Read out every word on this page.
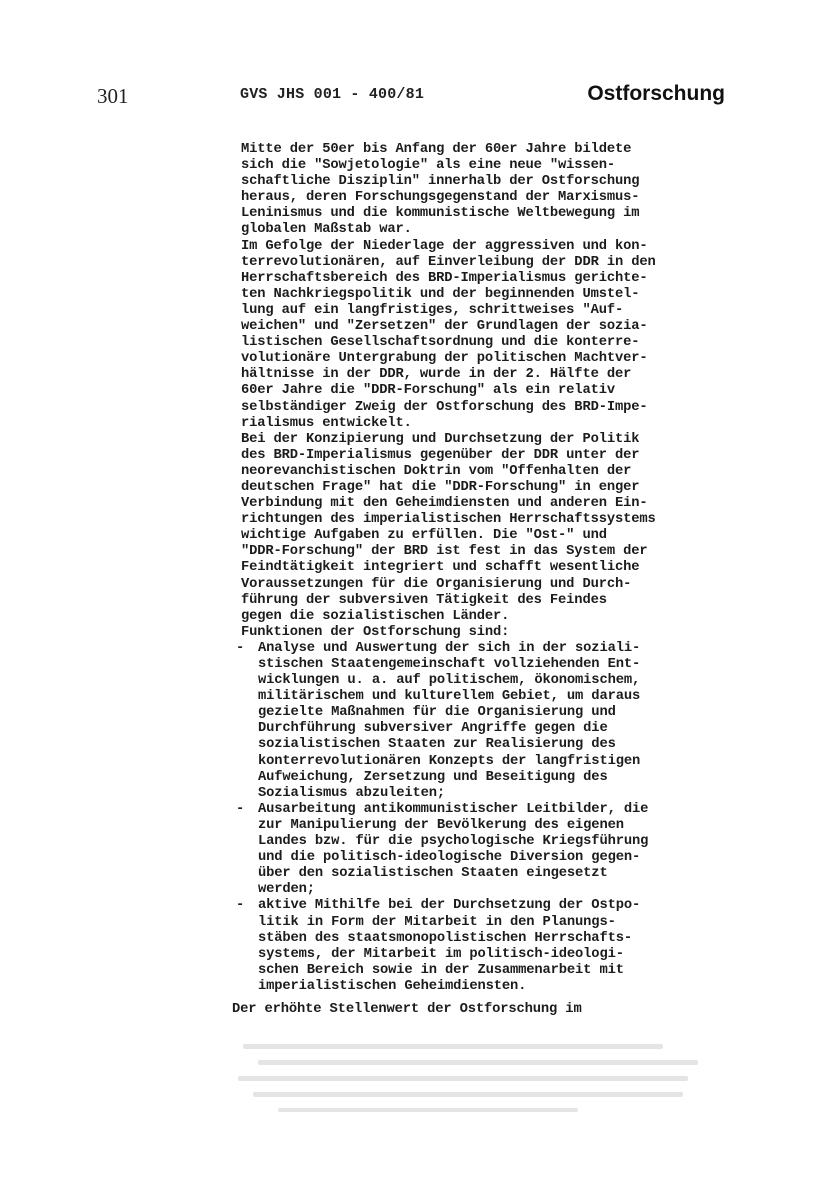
301	GVS JHS 001 - 400/81	Ostforschung
Mitte der 50er bis Anfang der 60er Jahre bildete
sich die "Sowjetologie" als eine neue "wissen-
schaftliche Disziplin" innerhalb der Ostforschung
heraus, deren Forschungsgegenstand der Marxismus-
Leninismus und die kommunistische Weltbewegung im
globalen Maßstab war.
Im Gefolge der Niederlage der aggressiven und kon-
terrevolutionären, auf Einverleibung der DDR in den
Herrschaftsbereich des BRD-Imperialismus gerichte-
ten Nachkriegspolitik und der beginnenden Umstel-
lung auf ein langfristiges, schrittweises "Auf-
weichen" und "Zersetzen" der Grundlagen der sozia-
listischen Gesellschaftsordnung und die konterre-
volutionäre Untergrabung der politischen Machtver-
hältnisse in der DDR, wurde in der 2. Hälfte der
60er Jahre die "DDR-Forschung" als ein relativ
selbständiger Zweig der Ostforschung des BRD-Impe-
rialismus entwickelt.
Bei der Konzipierung und Durchsetzung der Politik
des BRD-Imperialismus gegenüber der DDR unter der
neorevanchistischen Doktrin vom "Offenhalten der
deutschen Frage" hat die "DDR-Forschung" in enger
Verbindung mit den Geheimdiensten und anderen Ein-
richtungen des imperialistischen Herrschaftssystems
wichtige Aufgaben zu erfüllen. Die "Ost-" und
"DDR-Forschung" der BRD ist fest in das System der
Feindtätigkeit integriert und schafft wesentliche
Voraussetzungen für die Organisierung und Durch-
führung der subversiven Tätigkeit des Feindes
gegen die sozialistischen Länder.
Funktionen der Ostforschung sind:
- Analyse und Auswertung der sich in der soziali-
stischen Staatengemeinschaft vollziehenden Ent-
wicklungen u. a. auf politischem, ökonomischem,
militärischem und kulturellem Gebiet, um daraus
gezielte Maßnahmen für die Organisierung und
Durchführung subversiver Angriffe gegen die
sozialistischen Staaten zur Realisierung des
konterrevolutionären Konzepts der langfristigen
Aufweichung, Zersetzung und Beseitigung des
Sozialismus abzuleiten;
- Ausarbeitung antikommunistischer Leitbilder, die
zur Manipulierung der Bevölkerung des eigenen
Landes bzw. für die psychologische Kriegsführung
und die politisch-ideologische Diversion gegen-
über den sozialistischen Staaten eingesetzt
werden;
- aktive Mithilfe bei der Durchsetzung der Ostpo-
litik in Form der Mitarbeit in den Planungs-
stäben des staatsmonopolistischen Herrschafts-
systems, der Mitarbeit im politisch-ideologi-
schen Bereich sowie in der Zusammenarbeit mit
imperialistischen Geheimdiensten.
Der erhöhte Stellenwert der Ostforschung im
